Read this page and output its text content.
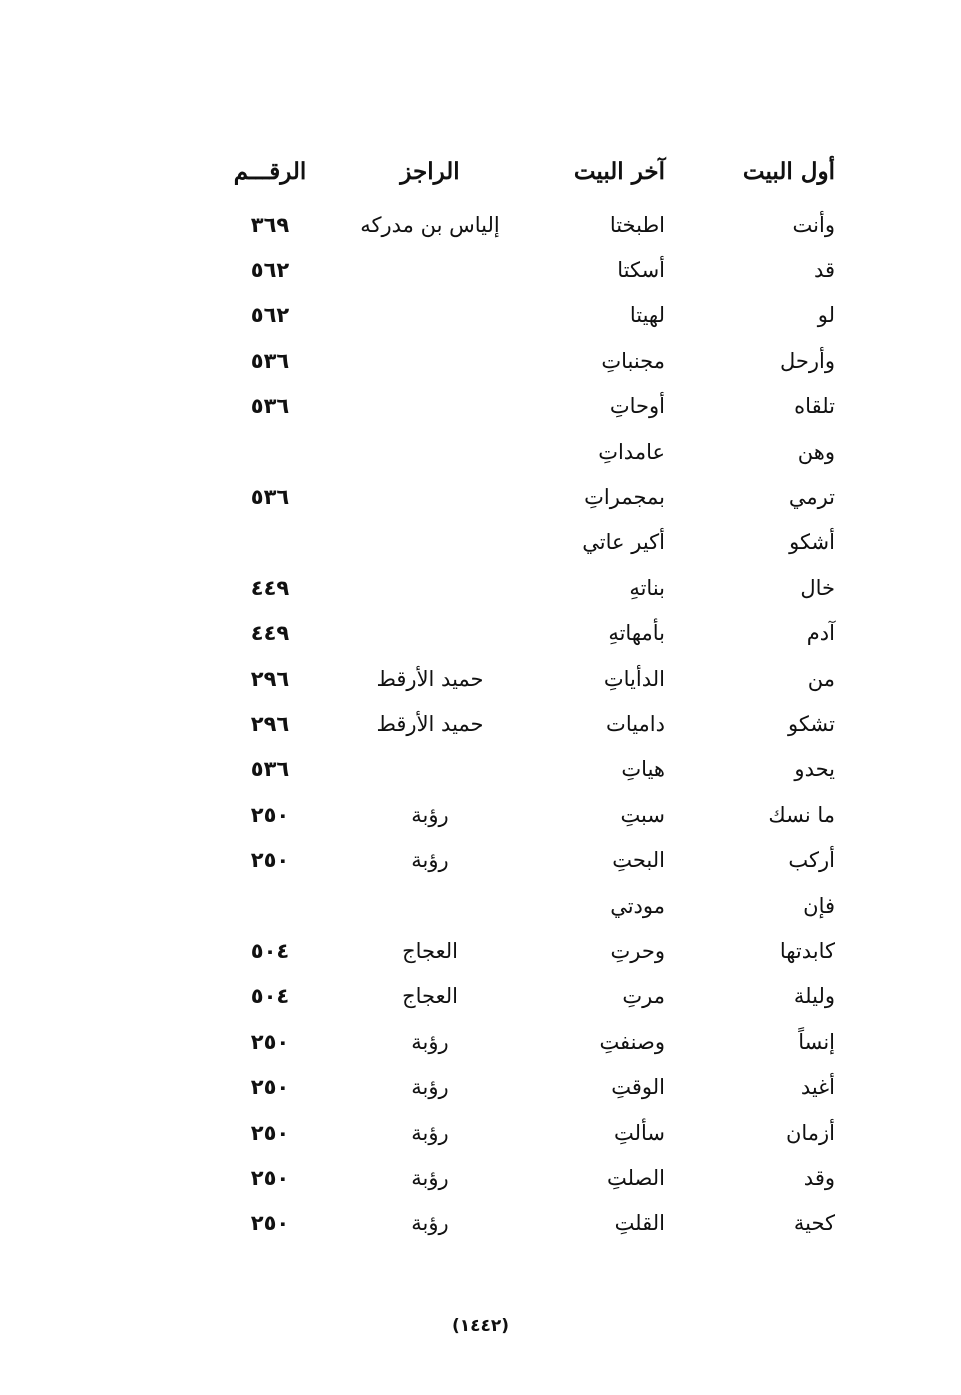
أول البيت	آخر البيت	الراجز	الرقـــم
وأنت	اطبختا	إلياس بن مدركه	٣٦٩
قد	أسكتا		٥٦٢
لو	لهيتا		٥٦٢
وأرحل	مجنباتِ		٥٣٦
تلقاه	أوحاتِ		٥٣٦
وهن	عامداتِ		
ترمي	بمجمراتِ		٥٣٦
أشكو	أكير عاتي		
خال	بناتهِ		٤٤٩
آدم	بأمهاتهِ		٤٤٩
من	الدأياتِ	حميد الأرقط	٢٩٦
تشكو	داميات	حميد الأرقط	٢٩٦
يحدو	هياتِ		٥٣٦
ما نسك	سبتِ	رؤبة	٢٥٠
أركب	البحتِ	رؤبة	٢٥٠
فإن	مودتي		
كابدتها	وحرتِ	العجاج	٥٠٤
وليلة	مرتِ	العجاج	٥٠٤
إنساً	وصنفتِ	رؤبة	٢٥٠
أغيد	الوقتِ	رؤبة	٢٥٠
أزمان	سألتِ	رؤبة	٢٥٠
وقد	الصلتِ	رؤبة	٢٥٠
كحية	القلتِ	رؤبة	٢٥٠
(١٤٤٢)
